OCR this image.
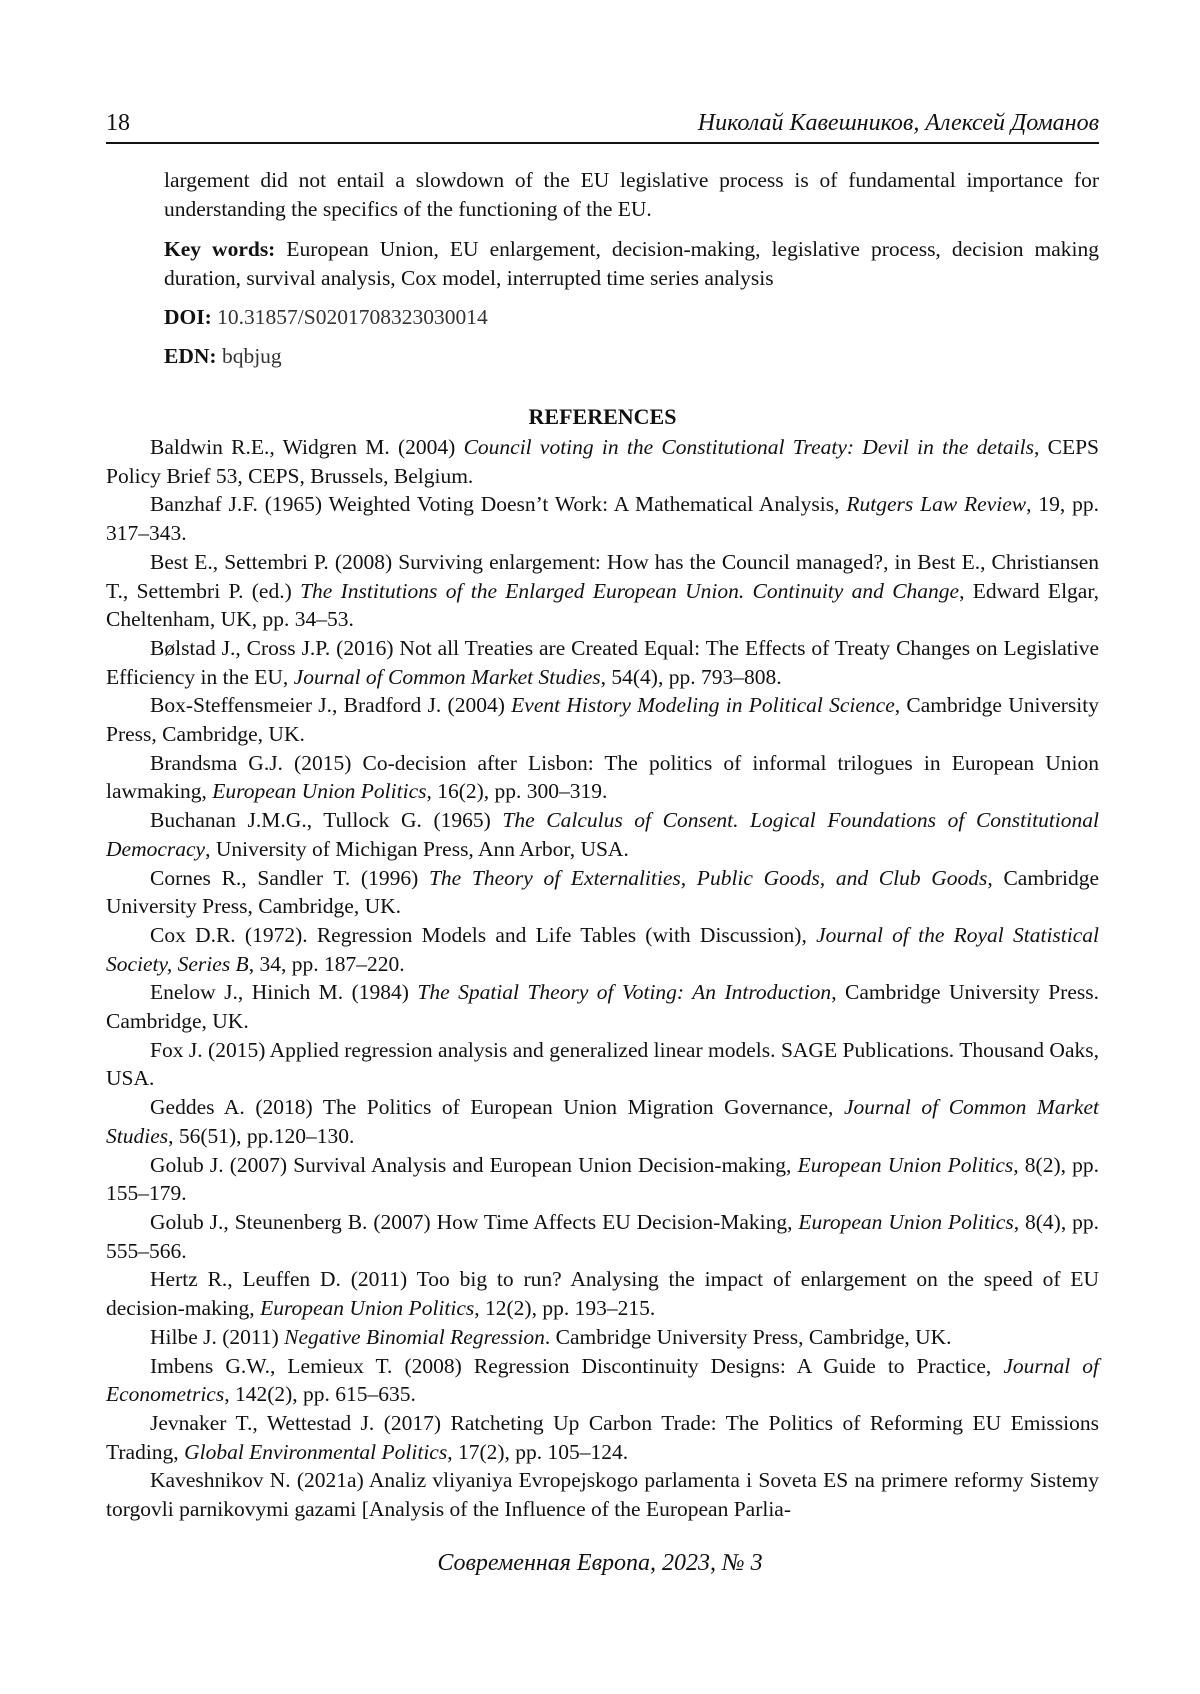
18	Николай Кавешников, Алексей Доманов

largement did not entail a slowdown of the EU legislative process is of fundamental importance for understanding the specifics of the functioning of the EU.

Key words: European Union, EU enlargement, decision-making, legislative process, decision making duration, survival analysis, Cox model, interrupted time series analysis

DOI: 10.31857/S0201708323030014

EDN: bqbjug

REFERENCES

Baldwin R.E., Widgren M. (2004) Council voting in the Constitutional Treaty: Devil in the details, CEPS Policy Brief 53, CEPS, Brussels, Belgium.

Banzhaf J.F. (1965) Weighted Voting Doesn’t Work: A Mathematical Analysis, Rutgers Law Review, 19, pp. 317–343.

Best E., Settembri P. (2008) Surviving enlargement: How has the Council managed?, in Best E., Christiansen T., Settembri P. (ed.) The Institutions of the Enlarged European Union. Continuity and Change, Edward Elgar, Cheltenham, UK, pp. 34–53.

Bølstad J., Cross J.P. (2016) Not all Treaties are Created Equal: The Effects of Treaty Changes on Legislative Efficiency in the EU, Journal of Common Market Studies, 54(4), pp. 793–808.

Box-Steffensmeier J., Bradford J. (2004) Event History Modeling in Political Science, Cambridge University Press, Cambridge, UK.

Brandsma G.J. (2015) Co-decision after Lisbon: The politics of informal trilogues in European Union lawmaking, European Union Politics, 16(2), pp. 300–319.

Buchanan J.M.G., Tullock G. (1965) The Calculus of Consent. Logical Foundations of Constitutional Democracy, University of Michigan Press, Ann Arbor, USA.

Cornes R., Sandler T. (1996) The Theory of Externalities, Public Goods, and Club Goods, Cambridge University Press, Cambridge, UK.

Cox D.R. (1972). Regression Models and Life Tables (with Discussion), Journal of the Royal Statistical Society, Series B, 34, pp. 187–220.

Enelow J., Hinich M. (1984) The Spatial Theory of Voting: An Introduction, Cambridge University Press. Cambridge, UK.

Fox J. (2015) Applied regression analysis and generalized linear models. SAGE Publications. Thousand Oaks, USA.

Geddes A. (2018) The Politics of European Union Migration Governance, Journal of Common Market Studies, 56(51), pp.120–130.

Golub J. (2007) Survival Analysis and European Union Decision-making, European Union Politics, 8(2), pp. 155–179.

Golub J., Steunenberg B. (2007) How Time Affects EU Decision-Making, European Union Politics, 8(4), pp. 555–566.

Hertz R., Leuffen D. (2011) Too big to run? Analysing the impact of enlargement on the speed of EU decision-making, European Union Politics, 12(2), pp. 193–215.

Hilbe J. (2011) Negative Binomial Regression. Cambridge University Press, Cambridge, UK.

Imbens G.W., Lemieux T. (2008) Regression Discontinuity Designs: A Guide to Practice, Journal of Econometrics, 142(2), pp. 615–635.

Jevnaker T., Wettestad J. (2017) Ratcheting Up Carbon Trade: The Politics of Reforming EU Emissions Trading, Global Environmental Politics, 17(2), pp. 105–124.

Kaveshnikov N. (2021a) Analiz vliyaniya Evropejskogo parlamenta i Soveta ES na primere reformy Sistemy torgovli parnikovymi gazami [Analysis of the Influence of the European Parlia-

Современная Европа, 2023, № 3
